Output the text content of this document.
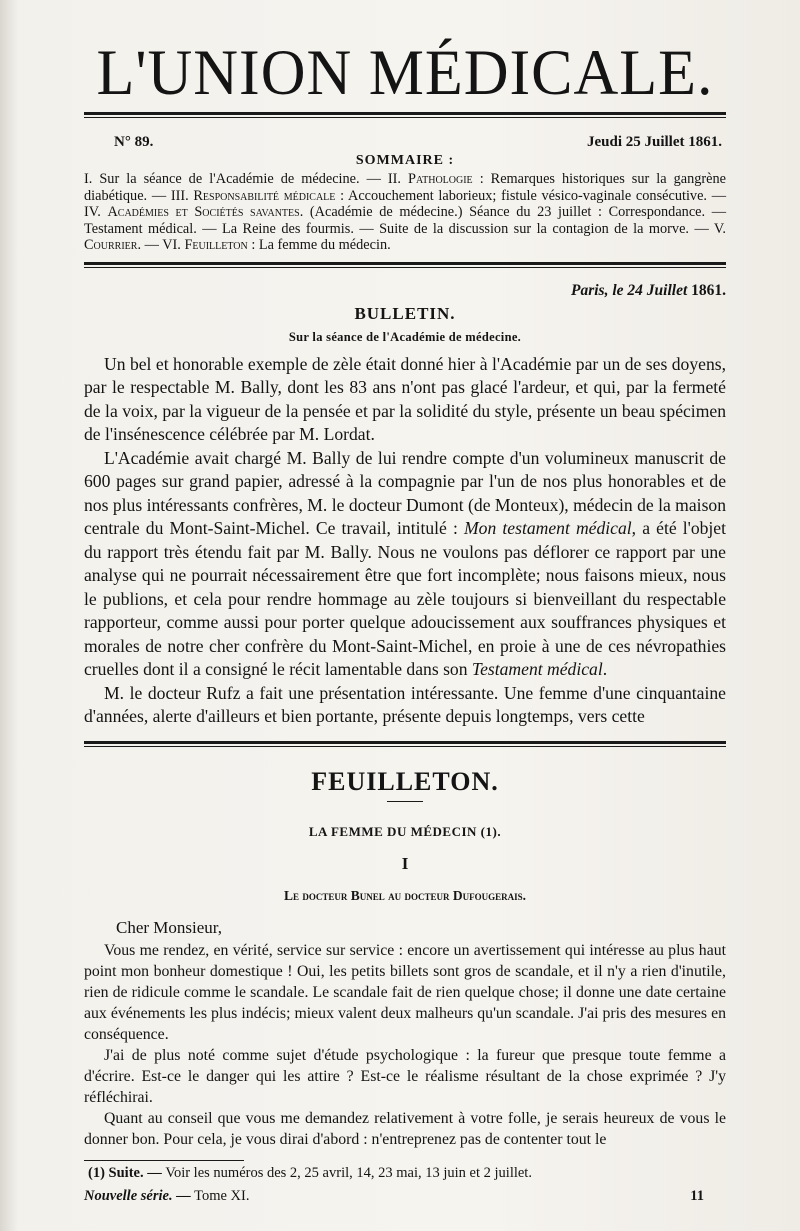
L'UNION MÉDICALE.
N° 89.	Jeudi 25 Juillet 1861.
SOMMAIRE :
I. Sur la séance de l'Académie de médecine. — II. Pathologie : Remarques historiques sur la gangrène diabétique. — III. Responsabilité médicale : Accouchement laborieux; fistule vésico-vaginale consécutive. — IV. Académies et Sociétés savantes. (Académie de médecine.) Séance du 23 juillet : Correspondance. — Testament médical. — La Reine des fourmis. — Suite de la discussion sur la contagion de la morve. — V. Courrier. — VI. Feuilleton : La femme du médecin.
Paris, le 24 Juillet 1861.
BULLETIN.
Sur la séance de l'Académie de médecine.

Un bel et honorable exemple de zèle était donné hier à l'Académie par un de ses doyens, par le respectable M. Bally, dont les 83 ans n'ont pas glacé l'ardeur, et qui, par la fermeté de la voix, par la vigueur de la pensée et par la solidité du style, présente un beau spécimen de l'insénescence célébrée par M. Lordat.

L'Académie avait chargé M. Bally de lui rendre compte d'un volumineux manuscrit de 600 pages sur grand papier, adressé à la compagnie par l'un de nos plus honorables et de nos plus intéressants confrères, M. le docteur Dumont (de Monteux), médecin de la maison centrale du Mont-Saint-Michel. Ce travail, intitulé : Mon testament médical, a été l'objet du rapport très étendu fait par M. Bally. Nous ne voulons pas déflorer ce rapport par une analyse qui ne pourrait nécessairement être que fort incomplète; nous faisons mieux, nous le publions, et cela pour rendre hommage au zèle toujours si bienveillant du respectable rapporteur, comme aussi pour porter quelque adoucissement aux souffrances physiques et morales de notre cher confrère du Mont-Saint-Michel, en proie à une de ces névropathies cruelles dont il a consigné le récit lamentable dans son Testament médical.

M. le docteur Rufz a fait une présentation intéressante. Une femme d'une cinquantaine d'années, alerte d'ailleurs et bien portante, présente depuis longtemps, vers cette

FEUILLETON.
LA FEMME DU MÉDECIN (1).
I
Le docteur Bunel au docteur Dufougerais.
Cher Monsieur,

Vous me rendez, en vérité, service sur service : encore un avertissement qui intéresse au plus haut point mon bonheur domestique ! Oui, les petits billets sont gros de scandale, et il n'y a rien d'inutile, rien de ridicule comme le scandale. Le scandale fait de rien quelque chose; il donne une date certaine aux événements les plus indécis; mieux valent deux malheurs qu'un scandale. J'ai pris des mesures en conséquence.

J'ai de plus noté comme sujet d'étude psychologique : la fureur que presque toute femme a d'écrire. Est-ce le danger qui les attire ? Est-ce le réalisme résultant de la chose exprimée ? J'y réfléchirai.

Quant au conseil que vous me demandez relativement à votre folle, je serais heureux de vous le donner bon. Pour cela, je vous dirai d'abord : n'entreprenez pas de contenter tout le

(1) Suite. — Voir les numéros des 2, 25 avril, 14, 23 mai, 13 juin et 2 juillet.
Nouvelle série. — Tome XI.	11
